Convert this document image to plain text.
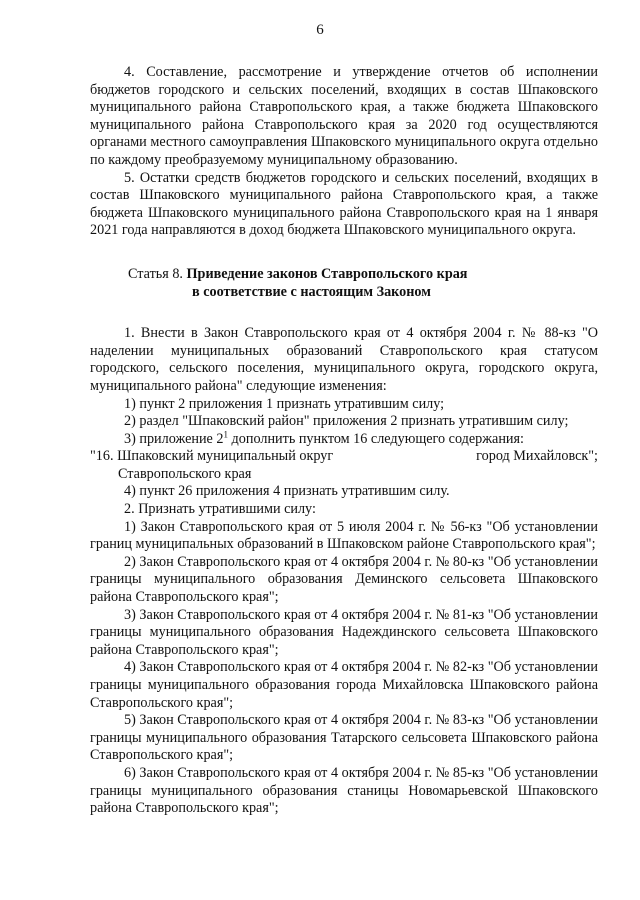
6

4. Составление, рассмотрение и утверждение отчетов об исполнении бюджетов городского и сельских поселений, входящих в состав Шпаковского муниципального района Ставропольского края, а также бюджета Шпаковского муниципального района Ставропольского края за 2020 год осуществляются органами местного самоуправления Шпаковского муниципального округа отдельно по каждому преобразуемому муниципальному образованию.

5. Остатки средств бюджетов городского и сельских поселений, входящих в состав Шпаковского муниципального района Ставропольского края, а также бюджета Шпаковского муниципального района Ставропольского края на 1 января 2021 года направляются в доход бюджета Шпаковского муниципального округа.

Статья 8. Приведение законов Ставропольского края
в соответствие с настоящим Законом

1. Внести в Закон Ставропольского края от 4 октября 2004 г. № 88-кз "О наделении муниципальных образований Ставропольского края статусом городского, сельского поселения, муниципального округа, городского округа, муниципального района" следующие изменения:

1) пункт 2 приложения 1 признать утратившим силу;

2) раздел "Шпаковский район" приложения 2 признать утратившим силу;

3) приложение $2^1$ дополнить пунктом 16 следующего содержания:

"16. Шпаковский муниципальный округ	город Михайловск";

Ставропольского края

4) пункт 26 приложения 4 признать утратившим силу.

2. Признать утратившими силу:

1) Закон Ставропольского края от 5 июля 2004 г. № 56-кз "Об установлении границ муниципальных образований в Шпаковском районе Ставропольского края";

2) Закон Ставропольского края от 4 октября 2004 г. № 80-кз "Об установлении границы муниципального образования Деминского сельсовета Шпаковского района Ставропольского края";

3) Закон Ставропольского края от 4 октября 2004 г. № 81-кз "Об установлении границы муниципального образования Надеждинского сельсовета Шпаковского района Ставропольского края";

4) Закон Ставропольского края от 4 октября 2004 г. № 82-кз "Об установлении границы муниципального образования города Михайловска Шпаковского района Ставропольского края";

5) Закон Ставропольского края от 4 октября 2004 г. № 83-кз "Об установлении границы муниципального образования Татарского сельсовета Шпаковского района Ставропольского края";

6) Закон Ставропольского края от 4 октября 2004 г. № 85-кз "Об установлении границы муниципального образования станицы Новомарьевской Шпаковского района Ставропольского края";
